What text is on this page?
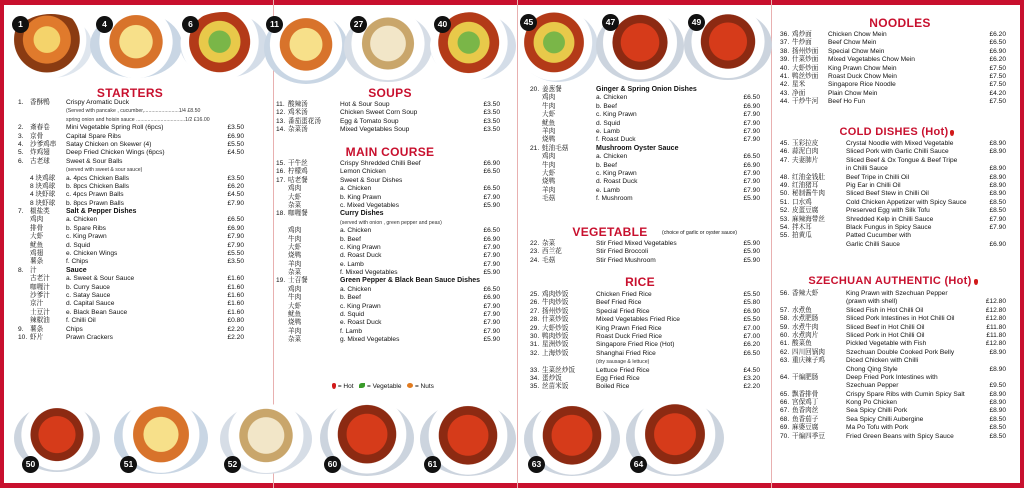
1	4	6	11	27	40	45	47	49
50	51	52	60	61	63	64
STARTERS
1. 香酥鴨 Crispy Aromatic Duck
(Served with pancake , cucumber,........................1/4 £8.50
spring onion and hoisin sauce ..................................1/2 £16.00
2. 斎春卷 Mini Vegetable Spring Roll (6pcs)	£3.50
3. 京骨	Capital Spare Ribs	£6.90
4. 沙爹鸡串 Satay Chicken on Skewer (4)	£5.50
5. 炸鸡翅 Deep Fried Chicken Wings (6pcs)	£4.50
6. 古老球 Sweet & Sour Balls
(served with sweet & sour sauce)
4 块鸡球 a. 4pcs Chicken Balls	£3.50
8 块鸡球 b. 8pcs Chicken Balls	£6.20
4 块虾球 c. 4pcs Prawn Balls	£4.50
8 块虾球 b. 8pcs Prawn Balls	£7.90
7. 椒盐类 Salt & Pepper Dishes
鸡肉	a. Chicken	£6.50
排骨	b. Spare Ribs	£6.90
大虾	c. King Prawn	£7.90
鱿鱼	d. Squid	£7.90
鸡翅	e. Chicken Wings	£5.50
薯条	f. Chips	£3.50
8. 汁	Sauce
古老汁 a. Sweet & Sour Sauce	£1.60
咖喱汁 b. Curry Sauce	£1.60
沙爹汁 c. Satay Sauce	£1.60
京汁	d. Capital Sauce	£1.60
士豆汁 e. Black Bean Sauce	£1.60
辣椒油 f. Chilli Oil	£0.80
9. 薯条	Chips	£2.20
10. 虾片	Prawn Crackers	£2.20
SOUPS
11. 酸辣汤	Hot & Sour Soup	£3.50
12. 鸡米汤	Chicken Sweet Corn Soup	£3.50
13. 番茄蛋花汤	Egg & Tomato Soup	£3.50
14. 杂菜汤	Mixed Vegetables Soup	£3.50
MAIN COURSE
15. 干牛丝	Crispy Shredded Chilli Beef	£6.90
16. 柠檬鸡	Lemon Chicken	£6.50
17. 咕老餐	Sweet & Sour Dishes
鸡肉	a. Chicken	£6.50
大虾	b. King Prawn	£7.90
杂菜	c. Mixed Vegetables	£5.90
18. 咖喱餐	Curry Dishes
(served with onion , green pepper and peas)
鸡肉	a. Chicken	£6.50
牛肉	b. Beef	£6.90
大虾	c. King Prawn	£7.90
烧鸭	d. Roast Duck	£7.90
羊肉	e. Lamb	£7.90
杂菜	f. Mixed Vegetables	£5.90
19. 士召餐	Green Pepper & Black Bean Sauce Dishes
鸡肉	a. Chicken	£6.50
牛肉	b. Beef	£6.90
大虾	c. King Prawn	£7.90
鱿鱼	d. Squid	£7.90
烧鸭	e. Roast Duck	£7.90
羊肉	f. Lamb	£7.90
杂菜	g. Mixed Vegetables	£5.90
= Hot = Vegetable = Nuts
20. 姜葱餐	Ginger & Spring Onion Dishes
鸡肉	a. Chicken	£6.50
牛肉	b. Beef	£6.90
大虾	c. King Prawn	£7.90
鱿鱼	d. Squid	£7.90
羊肉	e. Lamb	£7.90
烧鸭	f. Roast Duck	£7.90
21. 蚝油毛菇	Mushroom Oyster Sauce
鸡肉	a. Chicken	£6.50
牛肉	b. Beef	£6.90
大虾	c. King Prawn	£7.90
烧鸭	d. Roast Duck	£7.90
羊肉	e. Lamb	£7.90
毛菇	f. Mushroom	£5.90
VEGETABLE	(choice of garlic or oyster sauce)
22. 杂菜	Stir Fried Mixed Vegetables	£5.90
23. 西兰花	Stir Fried Broccoli	£5.90
24. 毛菇	Stir Fried Mushroom	£5.90
RICE
25. 鸡肉炒饭	Chicken Fried Rice	£5.50
26. 牛肉炒饭	Beef Fried Rice	£5.80
27. 扬州炒饭	Special Fried Rice	£6.90
28. 什菜炒饭	Mixed Vegetables Fried Rice	£5.50
29. 大虾炒饭	King Prawn Fried Rice	£7.00
30. 鸭肉炒饭	Roast Duck Fried Rice	£7.00
31. 星洲炒饭	Singapore Fried Rice (Hot)	£6.20
32. 上海炒饭	Shanghai Fried Rice	£6.50
(dry sausage & lettuce)
33. 生菜丝炒饭	Lettuce Fried Rice	£4.50
34. 蛋炒饭	Egg Fried Rice	£3.20
35. 丝苗米饭	Boiled Rice	£2.20
NOODLES
36. 鸡炒面 Chicken Chow Mein	£6.20
37. 牛炒面 Beef Chow Mein	£6.50
38. 扬州炒面 Special Chow Mein	£6.90
39. 什菜炒面 Mixed Vegetables Chow Mein	£6.20
40. 大虾炒面 King Prawn Chow Mein	£7.50
41. 鸭丝炒面 Roast Duck Chow Mein	£7.50
42. 星米	Singapore Rice Noodle	£7.50
43. 净面	Plain Chow Mein	£4.20
44. 干炒牛河 Beef Ho Fun	£7.50
COLD DISHES (Hot)
45. 玉彩拉皮	Crystal Noodle with Mixed Vegetable	£8.90
46. 蒜泥白肉	Sliced Pork with Garlic Chilli Sauce	£8.90
47. 夫妻肺片	Sliced Beef & Ox Tongue & Beef Tripe
in Chilli Sauce	£8.90
48. 红油金钱肚	Beef Tripe in Chilli Oil	£8.90
49. 红油猪耳	Pig Ear in Chilli Oil	£8.90
50. 秘制酱牛肉	Sliced Beef Stew in Chilli Oil	£8.90
51. 口水鸡	Cold Chicken Appetizer with Spicy Sauce	£8.50
52. 皮蛋豆腐	Preserved Egg with Silk Tofu	£8.50
53. 麻辣海带丝	Shredded Kelp in Chilli Sauce	£7.90
54. 拌木耳	Black Fungus in Spicy Sauce	£7.90
55. 拍黄瓜	Patted Cucumber with
Garlic Chilli Sauce	£6.90
SZECHUAN AUTHENTIC (Hot)
56. 香辣大虾	King Prawn with Szechuan Pepper
(prawn with shell)	£12.80
57. 水煮鱼	Sliced Fish in Hot Chilli Oil	£12.80
58. 水煮肥肠	Sliced Pork Intestines in Hot Chilli Oil	£12.80
59. 水煮牛肉	Sliced Beef in Hot Chilli Oil	£11.80
60. 水煮肉片	Sliced Pork in Hot Chilli Oil	£11.80
61. 酸菜鱼	Pickled Vegetable with Fish	£12.80
62. 四川回锅肉	Szechuan Double Cooked Pork Belly	£8.90
63. 重庆辣子鸡	Diced Chicken with Chilli
Chong Qing Style	£8.90
64. 干煸肥肠	Deep Fried Pork Intestines with
Szechuan Pepper	£9.50
65. 飘香排骨	Crispy Spare Ribs with Cumin Spicy Salt	£8.90
66. 宫保鸡丁	Kong Po Chicken	£8.90
67. 鱼香肉丝	Sea Spicy Chilli Pork	£8.90
68. 鱼香茄子	Sea Spicy Chilli Aubergine	£8.50
69. 麻婆豆腐	Ma Po Tofu with Pork	£8.50
70. 干煸四季豆	Fried Green Beans with Spicy Sauce	£8.50
